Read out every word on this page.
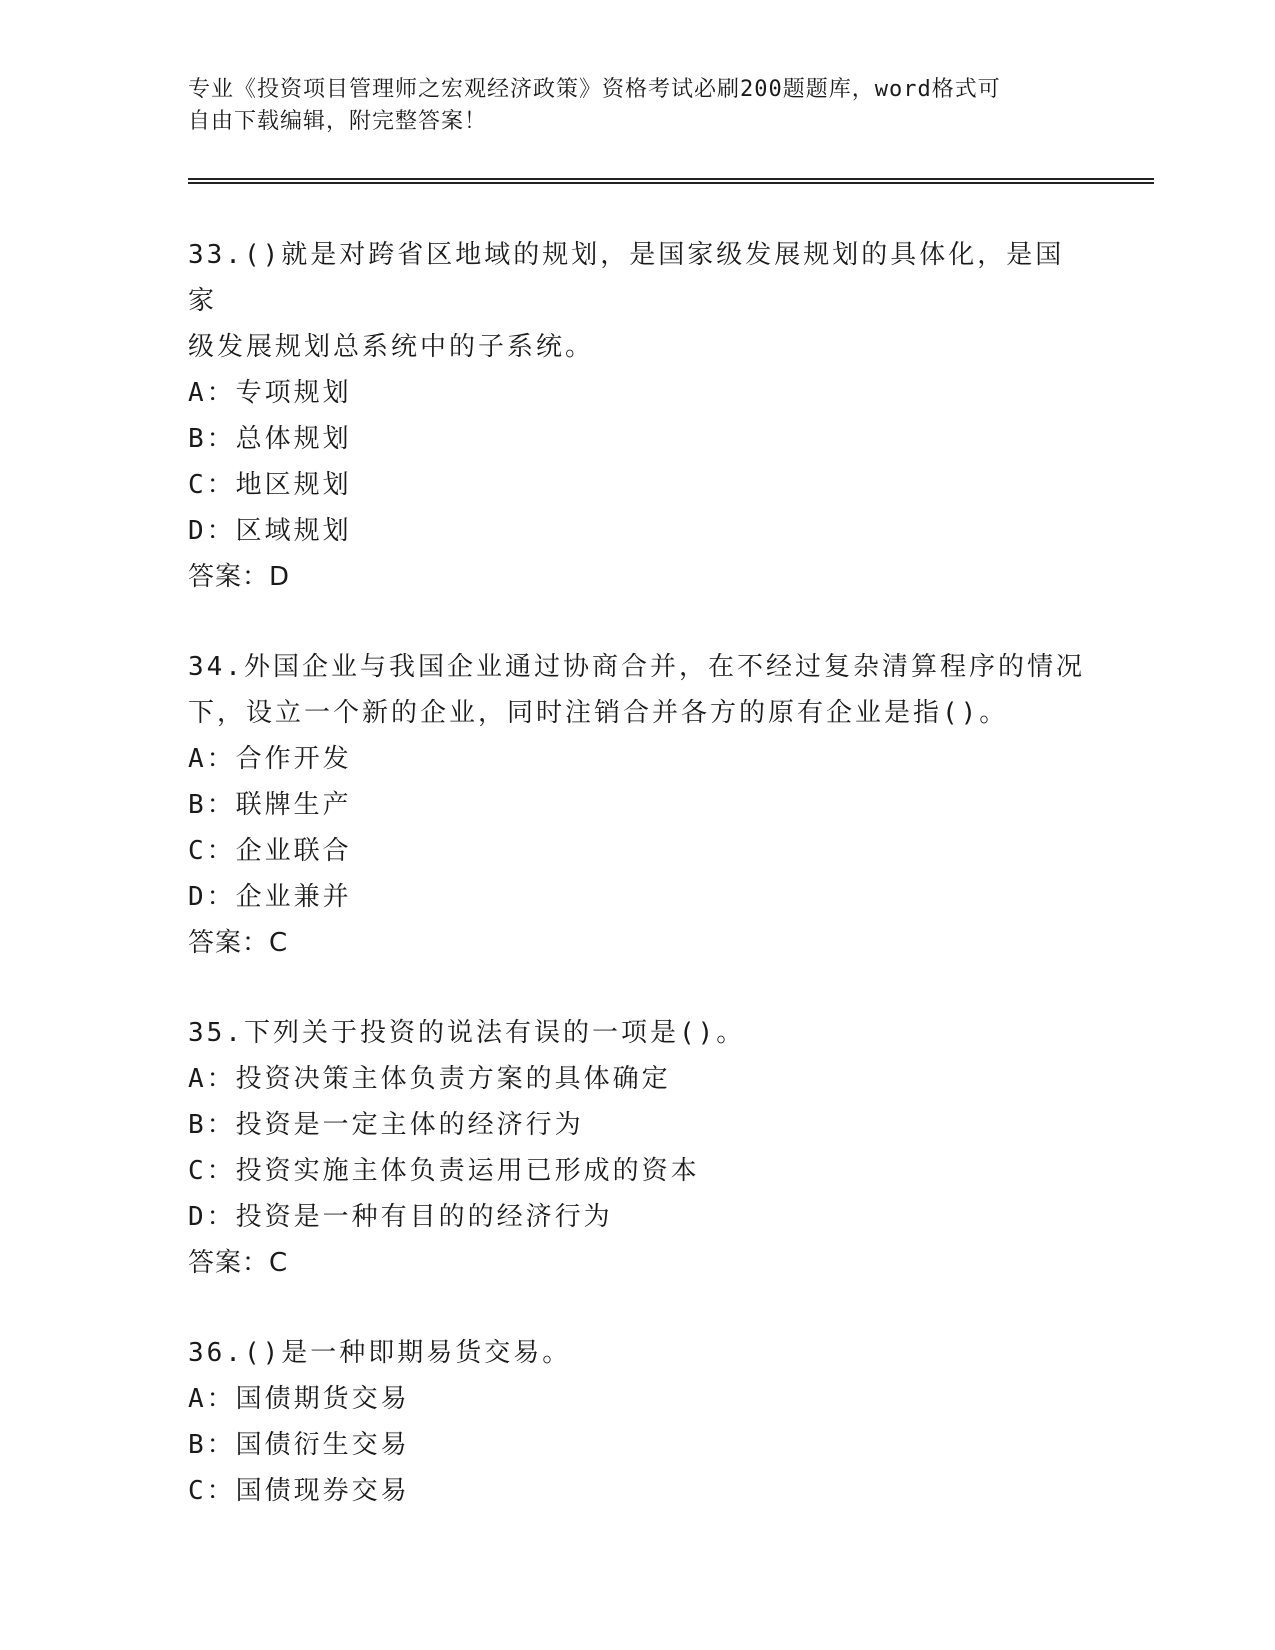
专业《投资项目管理师之宏观经济政策》资格考试必刷200题题库，word格式可
自由下载编辑，附完整答案！

33.()就是对跨省区地域的规划，是国家级发展规划的具体化，是国家

级发展规划总系统中的子系统。

A：专项规划

B：总体规划

C：地区规划

D：区域规划

答案：D

34.外国企业与我国企业通过协商合并，在不经过复杂清算程序的情况

下，设立一个新的企业，同时注销合并各方的原有企业是指()。

A：合作开发

B：联牌生产

C：企业联合

D：企业兼并

答案：C

35.下列关于投资的说法有误的一项是()。

A：投资决策主体负责方案的具体确定

B：投资是一定主体的经济行为

C：投资实施主体负责运用已形成的资本

D：投资是一种有目的的经济行为

答案：C

36.()是一种即期易货交易。

A：国债期货交易

B：国债衍生交易

C：国债现券交易
